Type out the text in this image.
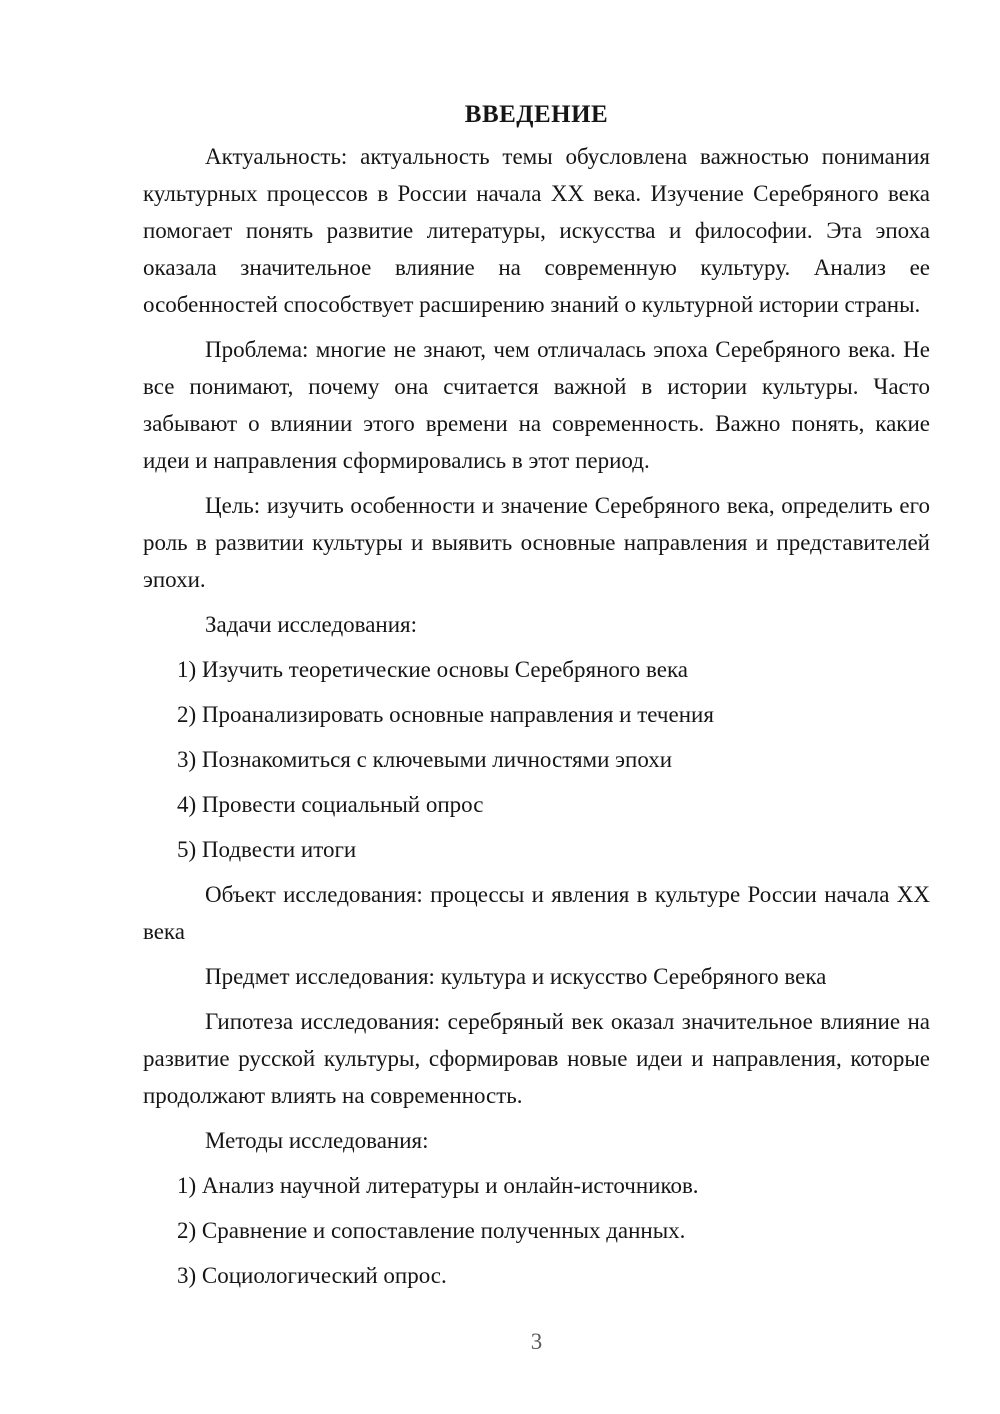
ВВЕДЕНИЕ

Актуальность: актуальность темы обусловлена важностью понимания культурных процессов в России начала XX века. Изучение Серебряного века помогает понять развитие литературы, искусства и философии. Эта эпоха оказала значительное влияние на современную культуру. Анализ ее особенностей способствует расширению знаний о культурной истории страны.

Проблема: многие не знают, чем отличалась эпоха Серебряного века. Не все понимают, почему она считается важной в истории культуры. Часто забывают о влиянии этого времени на современность. Важно понять, какие идеи и направления сформировались в этот период.

Цель: изучить особенности и значение Серебряного века, определить его роль в развитии культуры и выявить основные направления и представителей эпохи.

Задачи исследования:

1) Изучить теоретические основы Серебряного века

2) Проанализировать основные направления и течения

3) Познакомиться с ключевыми личностями эпохи

4) Провести социальный опрос

5) Подвести итоги

Объект исследования: процессы и явления в культуре России начала XX века

Предмет исследования: культура и искусство Серебряного века

Гипотеза исследования: серебряный век оказал значительное влияние на развитие русской культуры, сформировав новые идеи и направления, которые продолжают влиять на современность.

Методы исследования:

1) Анализ научной литературы и онлайн-источников.

2) Сравнение и сопоставление полученных данных.

3) Социологический опрос.

3
